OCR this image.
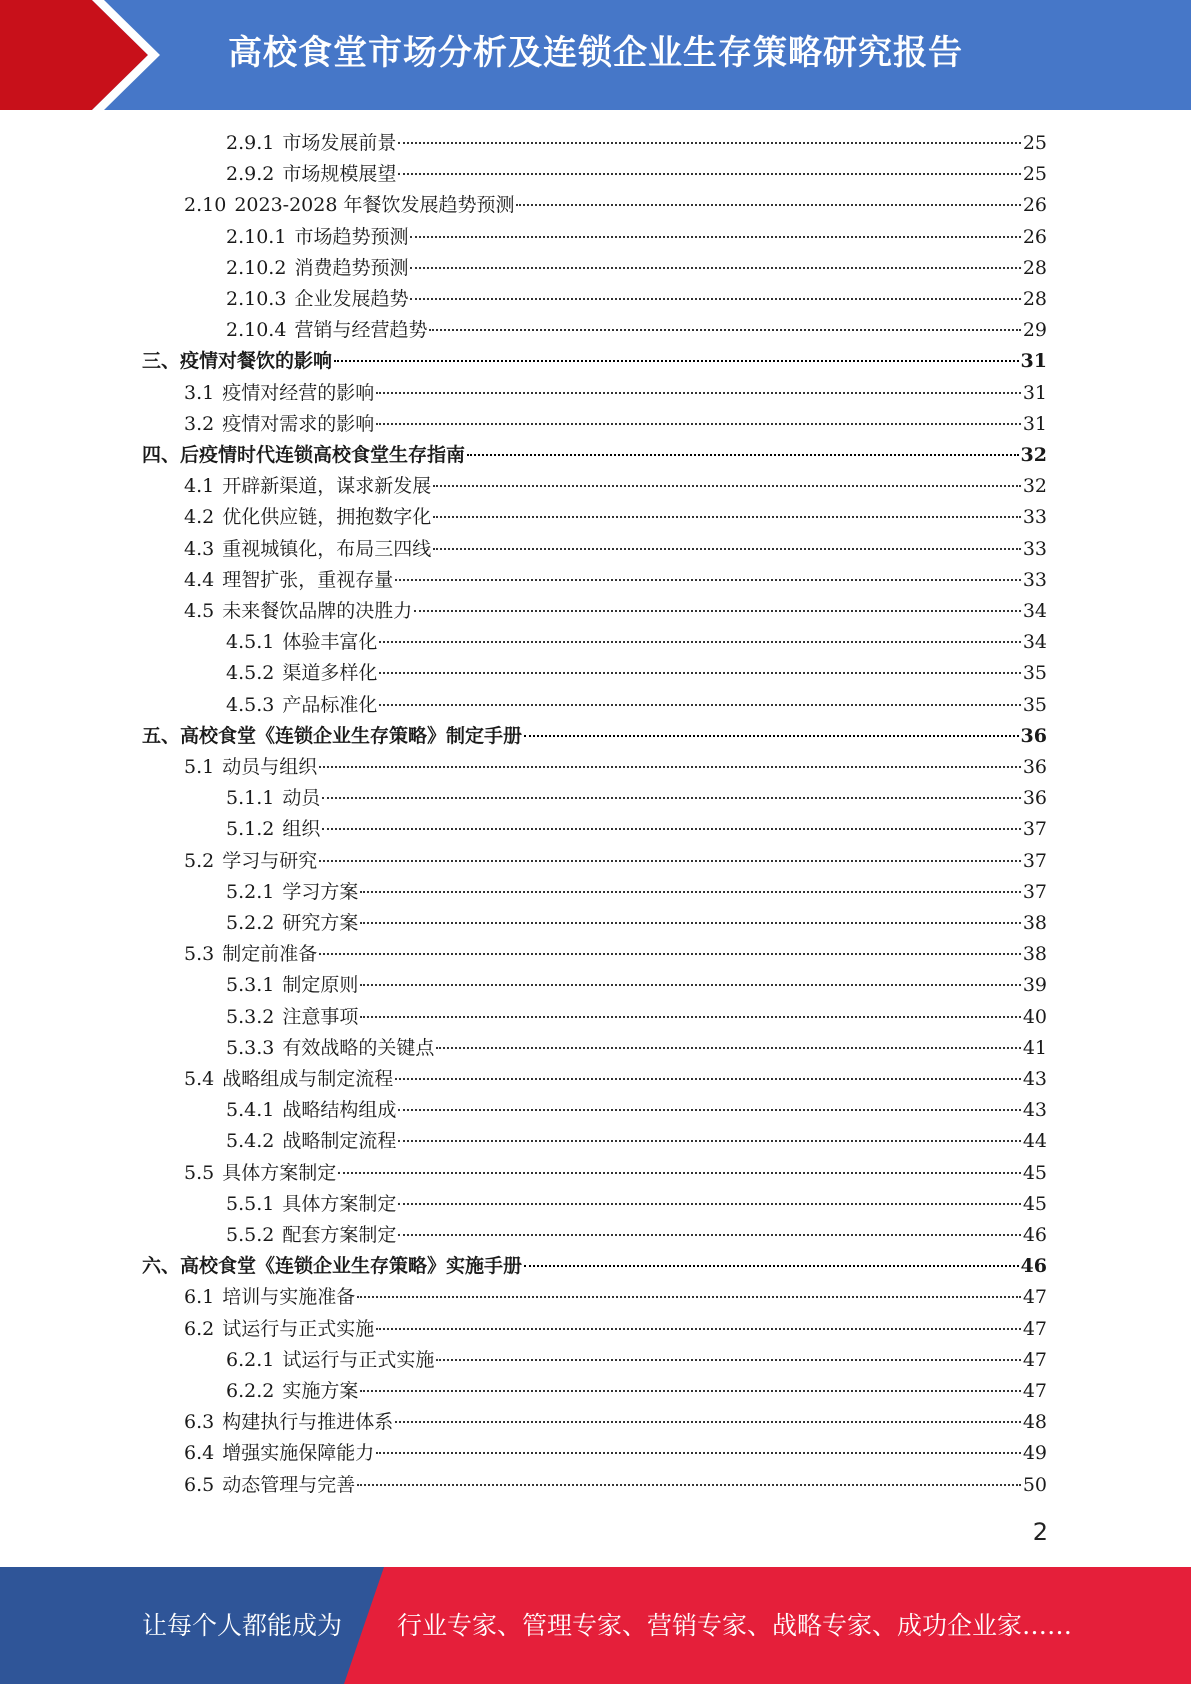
高校食堂市场分析及连锁企业生存策略研究报告
2.9.1 市场发展前景	25
2.9.2 市场规模展望	25
2.10 2023-2028 年餐饮发展趋势预测	26
2.10.1 市场趋势预测	26
2.10.2 消费趋势预测	28
2.10.3 企业发展趋势	28
2.10.4 营销与经营趋势	29
三、 疫情对餐饮的影响	31
3.1 疫情对经营的影响	31
3.2 疫情对需求的影响	31
四、 后疫情时代连锁高校食堂生存指南	32
4.1 开辟新渠道，谋求新发展	32
4.2 优化供应链，拥抱数字化	33
4.3 重视城镇化，布局三四线	33
4.4 理智扩张，重视存量	33
4.5 未来餐饮品牌的决胜力	34
4.5.1 体验丰富化	34
4.5.2 渠道多样化	35
4.5.3 产品标准化	35
五、 高校食堂《连锁企业生存策略》制定手册	36
5.1 动员与组织	36
5.1.1 动员	36
5.1.2 组织	37
5.2 学习与研究	37
5.2.1 学习方案	37
5.2.2 研究方案	38
5.3 制定前准备	38
5.3.1 制定原则	39
5.3.2 注意事项	40
5.3.3 有效战略的关键点	41
5.4 战略组成与制定流程	43
5.4.1 战略结构组成	43
5.4.2 战略制定流程	44
5.5 具体方案制定	45
5.5.1 具体方案制定	45
5.5.2 配套方案制定	46
六、 高校食堂《连锁企业生存策略》实施手册	46
6.1 培训与实施准备	47
6.2 试运行与正式实施	47
6.2.1 试运行与正式实施	47
6.2.2 实施方案	47
6.3 构建执行与推进体系	48
6.4 增强实施保障能力	49
6.5 动态管理与完善	50
2
让每个人都能成为 行业专家、管理专家、营销专家、战略专家、成功企业家……
